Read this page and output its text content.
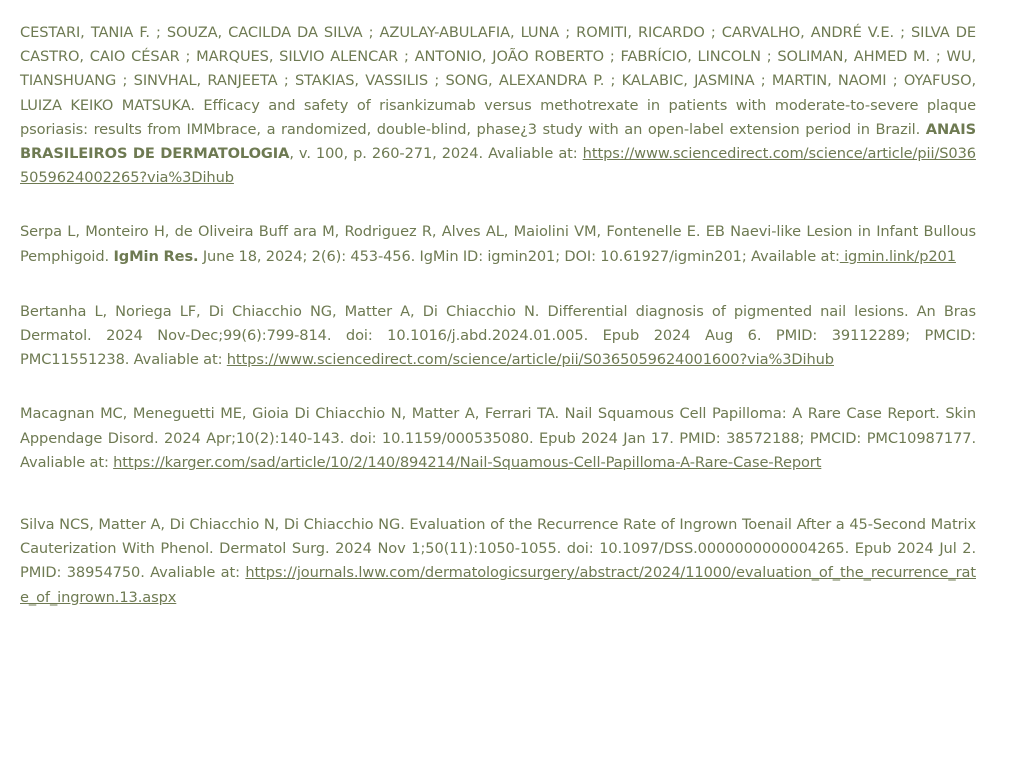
CESTARI, TANIA F. ; SOUZA, CACILDA DA SILVA ; AZULAY-ABULAFIA, LUNA ; ROMITI, RICARDO ; CARVALHO, ANDRÉ V.E. ; SILVA DE CASTRO, CAIO CÉSAR ; MARQUES, SILVIO ALENCAR ; ANTONIO, JOÃO ROBERTO ; FABRÍCIO, LINCOLN ; SOLIMAN, AHMED M. ; WU, TIANSHUANG ; SINVHAL, RANJEETA ; STAKIAS, VASSILIS ; SONG, ALEXANDRA P. ; KALABIC, JASMINA ; MARTIN, NAOMI ; OYAFUSO, LUIZA KEIKO MATSUKA. Efficacy and safety of risankizumab versus methotrexate in patients with moderate-to-severe plaque psoriasis: results from IMMbrace, a randomized, double-blind, phase¿3 study with an open-label extension period in Brazil. ANAIS BRASILEIROS DE DERMATOLOGIA, v. 100, p. 260-271, 2024. Avaliable at: https://www.sciencedirect.com/science/article/pii/S0365059624002265?via%3Dihub

Serpa L, Monteiro H, de Oliveira Buff ara M, Rodriguez R, Alves AL, Maiolini VM, Fontenelle E. EB Naevi-like Lesion in Infant Bullous Pemphigoid. IgMin Res. June 18, 2024; 2(6): 453-456. IgMin ID: igmin201; DOI: 10.61927/igmin201; Available at: igmin.link/p201

Bertanha L, Noriega LF, Di Chiacchio NG, Matter A, Di Chiacchio N. Differential diagnosis of pigmented nail lesions. An Bras Dermatol. 2024 Nov-Dec;99(6):799-814. doi: 10.1016/j.abd.2024.01.005. Epub 2024 Aug 6. PMID: 39112289; PMCID: PMC11551238. Avaliable at: https://www.sciencedirect.com/science/article/pii/S0365059624001600?via%3Dihub

Macagnan MC, Meneguetti ME, Gioia Di Chiacchio N, Matter A, Ferrari TA. Nail Squamous Cell Papilloma: A Rare Case Report. Skin Appendage Disord. 2024 Apr;10(2):140-143. doi: 10.1159/000535080. Epub 2024 Jan 17. PMID: 38572188; PMCID: PMC10987177. Avaliable at: https://karger.com/sad/article/10/2/140/894214/Nail-Squamous-Cell-Papilloma-A-Rare-Case-Report

Silva NCS, Matter A, Di Chiacchio N, Di Chiacchio NG. Evaluation of the Recurrence Rate of Ingrown Toenail After a 45-Second Matrix Cauterization With Phenol. Dermatol Surg. 2024 Nov 1;50(11):1050-1055. doi: 10.1097/DSS.0000000000004265. Epub 2024 Jul 2. PMID: 38954750. Avaliable at: https://journals.lww.com/dermatologicsurgery/abstract/2024/11000/evaluation_of_the_recurrence_rate_of_ingrown.13.aspx
